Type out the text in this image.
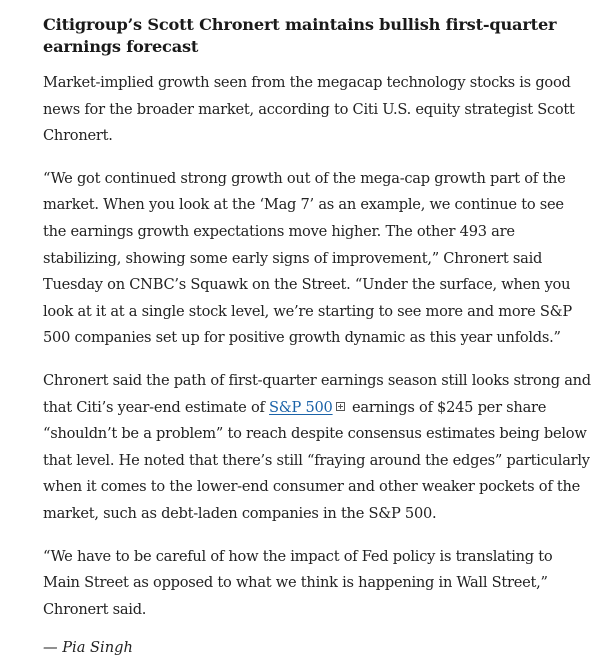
Citigroup’s Scott Chronert maintains bullish first-quarter earnings forecast

Market-implied growth seen from the megacap technology stocks is good news for the broader market, according to Citi U.S. equity strategist Scott Chronert.

“We got continued strong growth out of the mega-cap growth part of the market. When you look at the ‘Mag 7’ as an example, we continue to see the earnings growth expectations move higher. The other 493 are stabilizing, showing some early signs of improvement,” Chronert said Tuesday on CNBC’s Squawk on the Street. “Under the surface, when you look at it at a single stock level, we’re starting to see more and more S&P 500 companies set up for positive growth dynamic as this year unfolds.”

Chronert said the path of first-quarter earnings season still looks strong and that Citi’s year-end estimate of S&P 500 earnings of $245 per share “shouldn’t be a problem” to reach despite consensus estimates being below that level. He noted that there’s still “fraying around the edges” particularly when it comes to the lower-end consumer and other weaker pockets of the market, such as debt-laden companies in the S&P 500.

“We have to be careful of how the impact of Fed policy is translating to Main Street as opposed to what we think is happening in Wall Street,” Chronert said.

— Pia Singh
